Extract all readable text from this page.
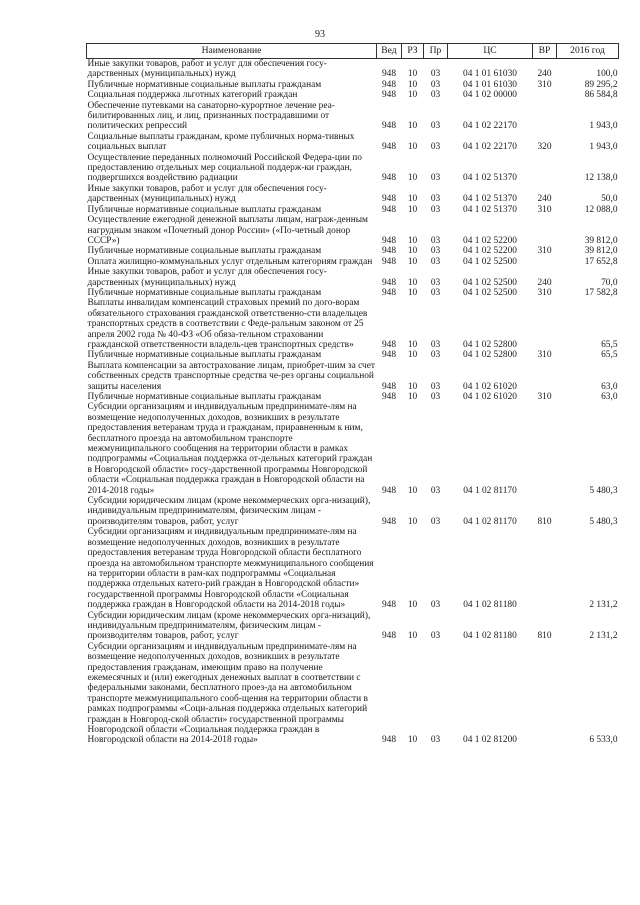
93
Наименование	Вед	РЗ	Пр	ЦС	ВР	2016 год
Иные закупки товаров, работ и услуг для обеспечения госу-дарственных (муниципальных) нужд	948	10	03	04 1 01 61030	240	100,0
Публичные нормативные социальные выплаты гражданам	948	10	03	04 1 01 61030	310	89 295,2
Социальная поддержка льготных категорий граждан	948	10	03	04 1 02 00000		86 584,8
Обеспечение путевками на санаторно-курортное лечение реа-билитированных лиц, и лиц, признанных пострадавшими от политических репрессий	948	10	03	04 1 02 22170		1 943,0
Социальные выплаты гражданам, кроме публичных норма-тивных социальных выплат	948	10	03	04 1 02 22170	320	1 943,0
Осуществление переданных полномочий Российской Федера-ции по предоставлению отдельных мер социальной поддерж-ки граждан, подвергшихся воздействию радиации	948	10	03	04 1 02 51370		12 138,0
Иные закупки товаров, работ и услуг для обеспечения госу-дарственных (муниципальных) нужд	948	10	03	04 1 02 51370	240	50,0
Публичные нормативные социальные выплаты гражданам	948	10	03	04 1 02 51370	310	12 088,0
Осуществление ежегодной денежной выплаты лицам, награж-денным нагрудным знаком «Почетный донор России» («По-четный донор СССР»)	948	10	03	04 1 02 52200		39 812,0
Публичные нормативные социальные выплаты гражданам	948	10	03	04 1 02 52200	310	39 812,0
Оплата жилищно-коммунальных услуг отдельным категориям граждан	948	10	03	04 1 02 52500		17 652,8
Иные закупки товаров, работ и услуг для обеспечения госу-дарственных (муниципальных) нужд	948	10	03	04 1 02 52500	240	70,0
Публичные нормативные социальные выплаты гражданам	948	10	03	04 1 02 52500	310	17 582,8
Выплаты инвалидам компенсаций страховых премий по дого-ворам обязательного страхования гражданской ответственно-сти владельцев транспортных средств в соответствии с Феде-ральным законом от 25 апреля 2002 года № 40-ФЗ «Об обяза-тельном страховании гражданской ответственности владель-цев транспортных средств»	948	10	03	04 1 02 52800		65,5
Публичные нормативные социальные выплаты гражданам	948	10	03	04 1 02 52800	310	65,5
Выплата компенсации за автострахование лицам, приобрет-шим за счет собственных средств транспортные средства че-рез органы социальной защиты населения	948	10	03	04 1 02 61020		63,0
Публичные нормативные социальные выплаты гражданам	948	10	03	04 1 02 61020	310	63,0
Субсидии организациям и индивидуальным предпринимате-лям на возмещение недополученных доходов, возникших в результате предоставления ветеранам труда и гражданам, приравненным к ним, бесплатного проезда на автомобильном транспорте межмуниципального сообщения на территории области в рамках подпрограммы «Социальная поддержка от-дельных категорий граждан в Новгородской области» госу-дарственной программы Новгородской области «Социальная поддержка граждан в Новгородской области на 2014-2018 годы»	948	10	03	04 1 02 81170		5 480,3
Субсидии юридическим лицам (кроме некоммерческих орга-низаций), индивидуальным предпринимателям, физическим лицам - производителям товаров, работ, услуг	948	10	03	04 1 02 81170	810	5 480,3
Субсидии организациям и индивидуальным предпринимате-лям на возмещение недополученных доходов, возникших в результате предоставления ветеранам труда Новгородской области бесплатного проезда на автомобильном транспорте межмуниципального сообщения на территории области в рам-ках подпрограммы «Социальная поддержка отдельных катего-рий граждан в Новгородской области» государственной программы Новгородской области «Социальная поддержка граждан в Новгородской области на 2014-2018 годы»	948	10	03	04 1 02 81180		2 131,2
Субсидии юридическим лицам (кроме некоммерческих орга-низаций), индивидуальным предпринимателям, физическим лицам - производителям товаров, работ, услуг	948	10	03	04 1 02 81180	810	2 131,2
Субсидии организациям и индивидуальным предпринимате-лям на возмещение недополученных доходов, возникших в результате предоставления гражданам, имеющим право на получение ежемесячных и (или) ежегодных денежных выплат в соответствии с федеральными законами, бесплатного проез-да на автомобильном транспорте межмуниципального сооб-щения на территории области в рамках подпрограммы «Соци-альная поддержка отдельных категорий граждан в Новгород-ской области» государственной программы Новгородской области «Социальная поддержка граждан в Новгородской области на 2014-2018 годы»	948	10	03	04 1 02 81200		6 533,0
